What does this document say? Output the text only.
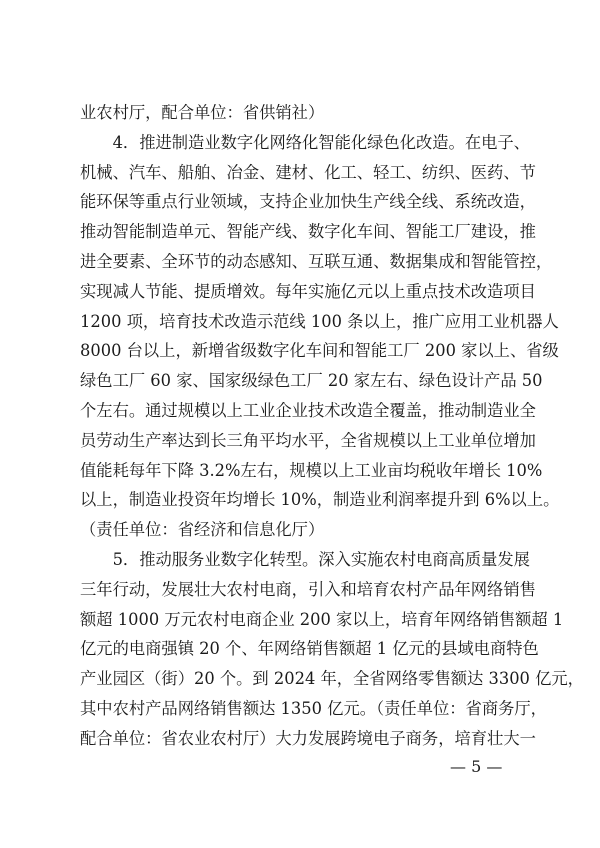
业农村厅，配合单位：省供销社）
　　4．推进制造业数字化网络化智能化绿色化改造。在电子、
机械、汽车、船舶、冶金、建材、化工、轻工、纺织、医药、节
能环保等重点行业领域，支持企业加快生产线全线、系统改造，
推动智能制造单元、智能产线、数字化车间、智能工厂建设，推
进全要素、全环节的动态感知、互联互通、数据集成和智能管控，
实现减人节能、提质增效。每年实施亿元以上重点技术改造项目
1200 项，培育技术改造示范线 100 条以上，推广应用工业机器人
8000 台以上，新增省级数字化车间和智能工厂 200 家以上、省级
绿色工厂 60 家、国家级绿色工厂 20 家左右、绿色设计产品 50
个左右。通过规模以上工业企业技术改造全覆盖，推动制造业全
员劳动生产率达到长三角平均水平，全省规模以上工业单位增加
值能耗每年下降 3.2%左右，规模以上工业亩均税收年增长 10%
以上，制造业投资年均增长 10%，制造业利润率提升到 6%以上。
（责任单位：省经济和信息化厅）
　　5．推动服务业数字化转型。深入实施农村电商高质量发展
三年行动，发展壮大农村电商，引入和培育农村产品年网络销售
额超 1000 万元农村电商企业 200 家以上，培育年网络销售额超 1
亿元的电商强镇 20 个、年网络销售额超 1 亿元的县域电商特色
产业园区（街）20 个。到 2024 年，全省网络零售额达 3300 亿元，
其中农村产品网络销售额达 1350 亿元。（责任单位：省商务厅，
配合单位：省农业农村厅）大力发展跨境电子商务，培育壮大一
— 5 —
